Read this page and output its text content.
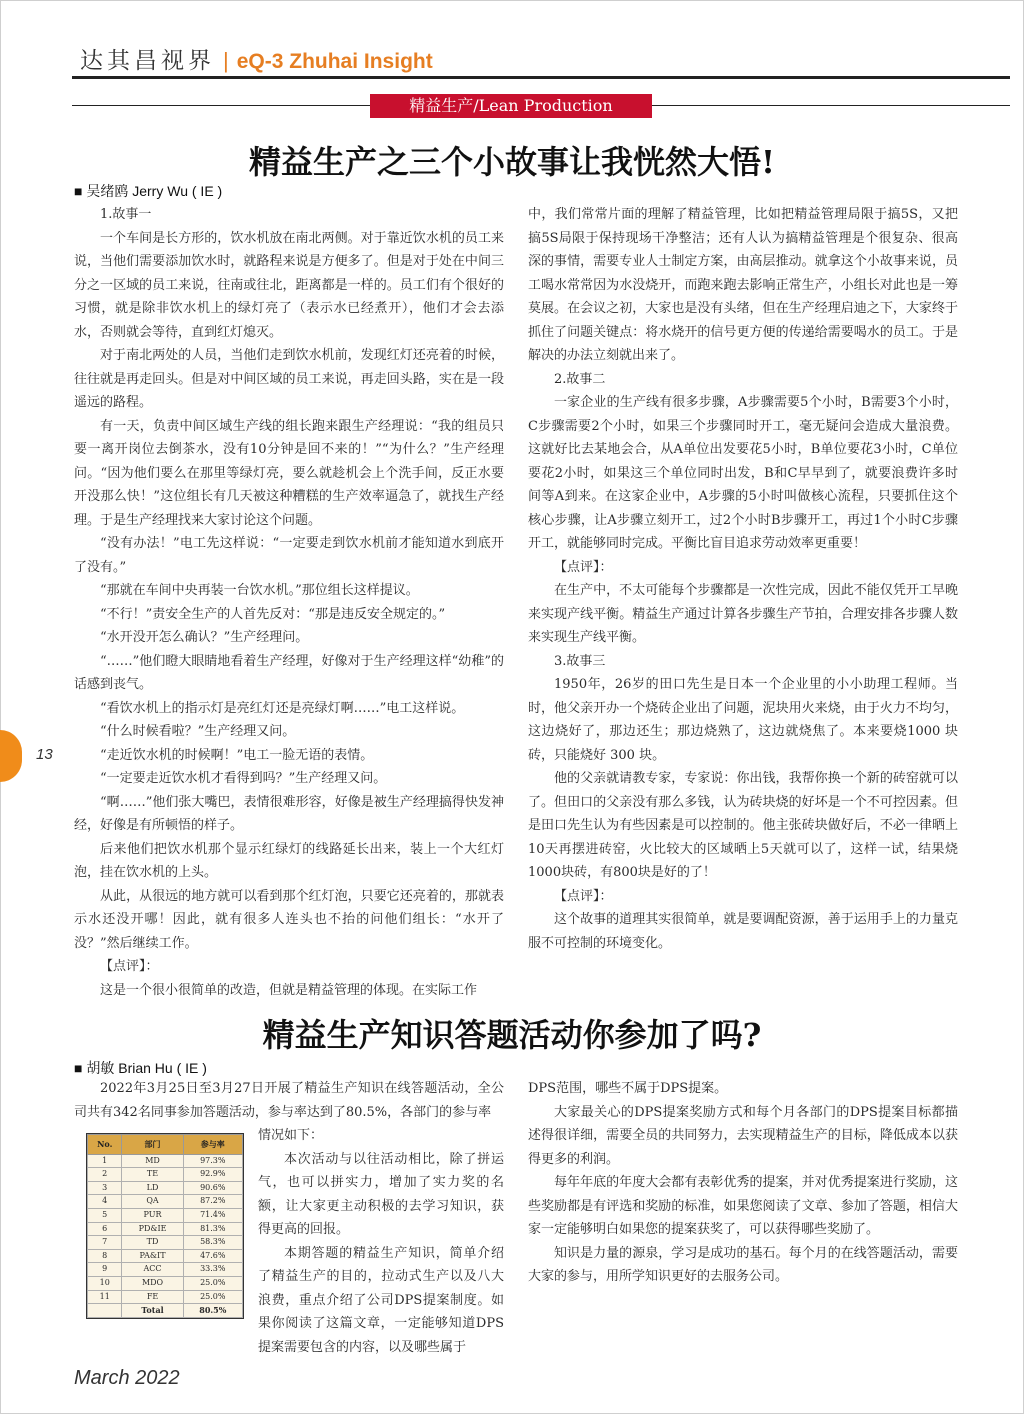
达其昌视界 | eQ-3 Zhuhai Insight
精益生产/Lean Production
精益生产之三个小故事让我恍然大悟!
■ 吴绪鸥 Jerry Wu ( IE )

1.故事一

一个车间是长方形的，饮水机放在南北两侧。对于靠近饮水机的员工来说，当他们需要添加饮水时，就路程来说是方便多了。但是对于处在中间三分之一区域的员工来说，往南或往北，距离都是一样的。员工们有个很好的习惯，就是除非饮水机上的绿灯亮了（表示水已经煮开），他们才会去添水，否则就会等待，直到红灯熄灭。

对于南北两处的人员，当他们走到饮水机前，发现红灯还亮着的时候，往往就是再走回头。但是对中间区域的员工来说，再走回头路，实在是一段遥远的路程。

有一天，负责中间区域生产线的组长跑来跟生产经理说：“我的组员只要一离开岗位去倒茶水，没有10分钟是回不来的！”“为什么？”生产经理问。“因为他们要么在那里等绿灯亮，要么就趁机会上个洗手间，反正水要开没那么快！”这位组长有几天被这种糟糕的生产效率逼急了，就找生产经理。于是生产经理找来大家讨论这个问题。

“没有办法！”电工先这样说：“一定要走到饮水机前才能知道水到底开了没有。”

“那就在车间中央再装一台饮水机。”那位组长这样提议。

“不行！”责安全生产的人首先反对：“那是违反安全规定的。”

“水开没开怎么确认？”生产经理问。

“……”他们瞪大眼睛地看着生产经理，好像对于生产经理这样“幼稚”的话感到丧气。

“看饮水机上的指示灯是亮红灯还是亮绿灯啊……”电工这样说。

“什么时候看啦？”生产经理又问。

“走近饮水机的时候啊！”电工一脸无语的表情。

“一定要走近饮水机才看得到吗？”生产经理又问。

“啊……”他们张大嘴巴，表情很难形容，好像是被生产经理搞得快发神经，好像是有所顿悟的样子。

后来他们把饮水机那个显示红绿灯的线路延长出来，装上一个大红灯泡，挂在饮水机的上头。

从此，从很远的地方就可以看到那个红灯泡，只要它还亮着的，那就表示水还没开哪！因此，就有很多人连头也不抬的问他们组长：“水开了没？”然后继续工作。

【点评】：

这是一个很小很简单的改造，但就是精益管理的体现。在实际工作

中，我们常常片面的理解了精益管理，比如把精益管理局限于搞5S，又把搞5S局限于保持现场干净整洁；还有人认为搞精益管理是个很复杂、很高深的事情，需要专业人士制定方案，由高层推动。就拿这个小故事来说，员工喝水常常因为水没烧开，而跑来跑去影响正常生产，小组长对此也是一筹莫展。在会议之初，大家也是没有头绪，但在生产经理启迪之下，大家终于抓住了问题关键点：将水烧开的信号更方便的传递给需要喝水的员工。于是解决的办法立刻就出来了。

2.故事二

一家企业的生产线有很多步骤，A步骤需要5个小时，B需要3个小时，C步骤需要2个小时，如果三个步骤同时开工，毫无疑问会造成大量浪费。这就好比去某地会合，从A单位出发要花5小时，B单位要花3小时，C单位要花2小时，如果这三个单位同时出发，B和C早早到了，就要浪费许多时间等A到来。在这家企业中，A步骤的5小时叫做核心流程，只要抓住这个核心步骤，让A步骤立刻开工，过2个小时B步骤开工，再过1个小时C步骤开工，就能够同时完成。平衡比盲目追求劳动效率更重要！

【点评】：

在生产中，不太可能每个步骤都是一次性完成，因此不能仅凭开工早晚来实现产线平衡。精益生产通过计算各步骤生产节拍，合理安排各步骤人数来实现生产线平衡。

3.故事三

1950年，26岁的田口先生是日本一个企业里的小小助理工程师。当时，他父亲开办一个烧砖企业出了问题，泥块用火来烧，由于火力不均匀，这边烧好了，那边还生；那边烧熟了，这边就烧焦了。本来要烧1000 块砖，只能烧好 300 块。

他的父亲就请教专家，专家说：你出钱，我帮你换一个新的砖窑就可以了。但田口的父亲没有那么多钱，认为砖块烧的好坏是一个不可控因素。但是田口先生认为有些因素是可以控制的。他主张砖块做好后，不必一律晒上10天再摆进砖窑，火比较大的区域晒上5天就可以了，这样一试，结果烧1000块砖，有800块是好的了！

【点评】：

这个故事的道理其实很简单，就是要调配资源，善于运用手上的力量克服不可控制的环境变化。

13
精益生产知识答题活动你参加了吗?
■ 胡敏 Brian Hu ( IE )

2022年3月25日至3月27日开展了精益生产知识在线答题活动，全公司共有342名同事参加答题活动，参与率达到了80.5%，各部门的参与率

No.	部门	参与率
1	MD	97.3%
2	TE	92.9%
3	LD	90.6%
4	QA	87.2%
5	PUR	71.4%
6	PD&IE	81.3%
7	TD	58.3%
8	PA&IT	47.6%
9	ACC	33.3%
10	MDO	25.0%
11	FE	25.0%
	Total	80.5%

情况如下：

本次活动与以往活动相比，除了拼运气，也可以拼实力，增加了实力奖的名额，让大家更主动积极的去学习知识，获得更高的回报。

本期答题的精益生产知识，简单介绍了精益生产的目的，拉动式生产以及八大浪费，重点介绍了公司DPS提案制度。如果你阅读了这篇文章，一定能够知道DPS提案需要包含的内容，以及哪些属于

DPS范围，哪些不属于DPS提案。

大家最关心的DPS提案奖励方式和每个月各部门的DPS提案目标都描述得很详细，需要全员的共同努力，去实现精益生产的目标，降低成本以获得更多的利润。

每年年底的年度大会都有表彰优秀的提案，并对优秀提案进行奖励，这些奖励都是有评选和奖励的标准，如果您阅读了文章、参加了答题，相信大家一定能够明白如果您的提案获奖了，可以获得哪些奖励了。

知识是力量的源泉，学习是成功的基石。每个月的在线答题活动，需要大家的参与，用所学知识更好的去服务公司。

March 2022
